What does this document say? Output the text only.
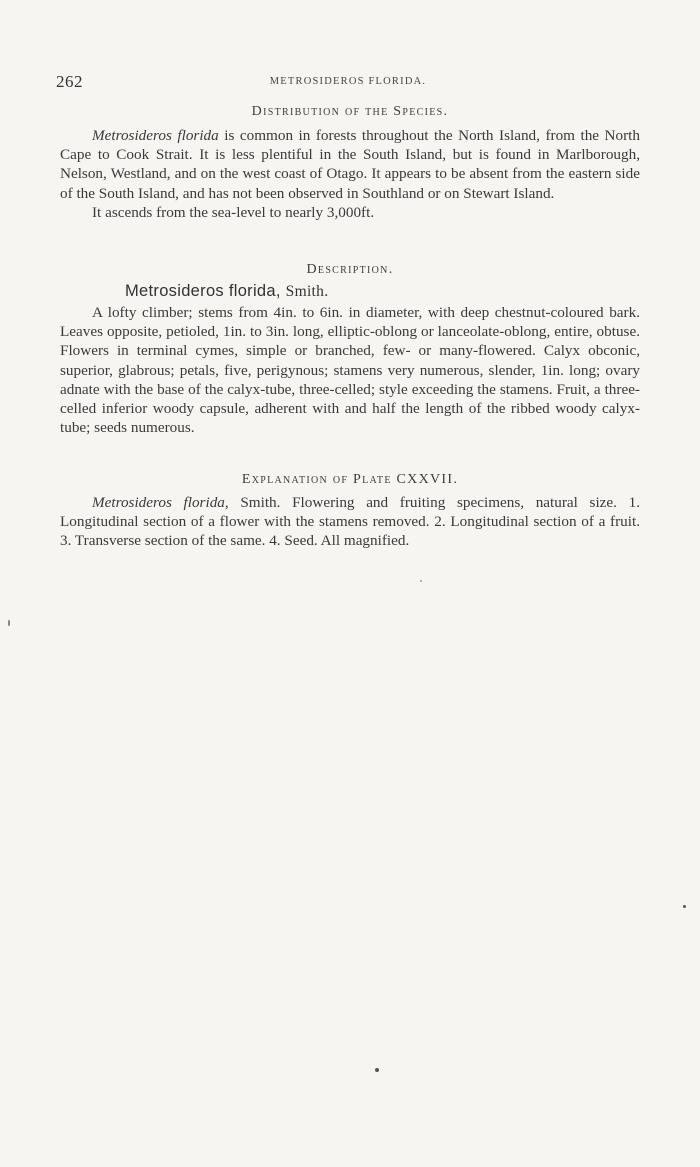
262	METROSIDEROS FLORIDA.
Distribution of the Species.

Metrosideros florida is common in forests throughout the North Island, from the North Cape to Cook Strait. It is less plentiful in the South Island, but is found in Marlborough, Nelson, Westland, and on the west coast of Otago. It appears to be absent from the eastern side of the South Island, and has not been observed in Southland or on Stewart Island.

It ascends from the sea-level to nearly 3,000ft.

Description.
Metrosideros florida, Smith.

A lofty climber; stems from 4in. to 6in. in diameter, with deep chestnut-coloured bark. Leaves opposite, petioled, 1in. to 3in. long, elliptic-oblong or lanceolate-oblong, entire, obtuse. Flowers in terminal cymes, simple or branched, few- or many-flowered. Calyx obconic, superior, glabrous; petals, five, perigynous; stamens very numerous, slender, 1in. long; ovary adnate with the base of the calyx-tube, three-celled; style exceeding the stamens. Fruit, a three-celled inferior woody capsule, adherent with and half the length of the ribbed woody calyx-tube; seeds numerous.

Explanation of Plate CXXVII.

Metrosideros florida, Smith. Flowering and fruiting specimens, natural size. 1. Longitudinal section of a flower with the stamens removed. 2. Longitudinal section of a fruit. 3. Transverse section of the same. 4. Seed. All magnified.
